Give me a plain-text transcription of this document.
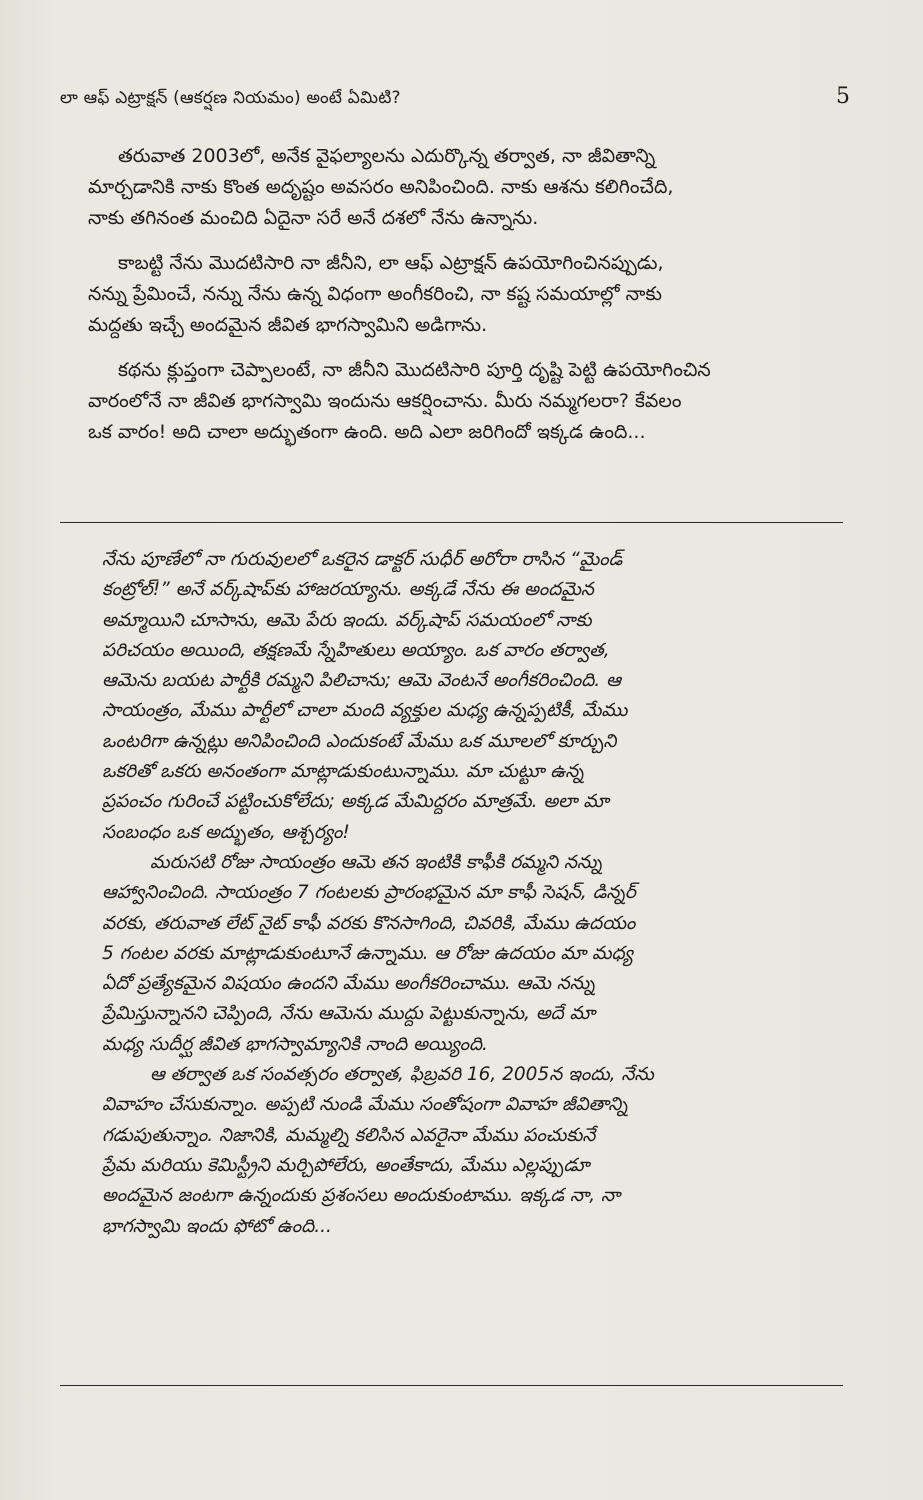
లా ఆఫ్ ఎట్రాక్షన్ (ఆకర్షణ నియమం) అంటే ఏమిటి?	5
తరువాత 2003లో, అనేక వైఫల్యాలను ఎదుర్కొన్న తర్వాత, నా జీవితాన్ని
మార్చడానికి నాకు కొంత అదృష్టం అవసరం అనిపించింది. నాకు ఆశను కలిగించేది,
నాకు తగినంత మంచిది ఏదైనా సరే అనే దశలో నేను ఉన్నాను.
కాబట్టి నేను మొదటిసారి నా జీనీని, లా ఆఫ్ ఎట్రాక్షన్ ఉపయోగించినప్పుడు,
నన్ను ప్రేమించే, నన్ను నేను ఉన్న విధంగా అంగీకరించి, నా కష్ట సమయాల్లో నాకు
మద్దతు ఇచ్చే అందమైన జీవిత భాగస్వామిని అడిగాను.
కథను క్లుప్తంగా చెప్పాలంటే, నా జీనీని మొదటిసారి పూర్తి దృష్టి పెట్టి ఉపయోగించిన
వారంలోనే నా జీవిత భాగస్వామి ఇందును ఆకర్షించాను. మీరు నమ్మగలరా? కేవలం
ఒక వారం! అది చాలా అద్భుతంగా ఉంది. అది ఎలా జరిగిందో ఇక్కడ ఉంది...
నేను పూణేలో నా గురువులలో ఒకరైన డాక్టర్ సుధీర్ అరోరా రాసిన “మైండ్
కంట్రోల్!” అనే వర్క్‌షాప్‌కు హాజరయ్యాను. అక్కడే నేను ఈ అందమైన
అమ్మాయిని చూసాను, ఆమె పేరు ఇందు. వర్క్‌షాప్ సమయంలో నాకు
పరిచయం అయింది, తక్షణమే స్నేహితులు అయ్యాం. ఒక వారం తర్వాత,
ఆమెను బయట పార్టీకి రమ్మని పిలిచాను; ఆమె వెంటనే అంగీకరించింది. ఆ
సాయంత్రం, మేము పార్టీలో చాలా మంది వ్యక్తుల మధ్య ఉన్నప్పటికీ, మేము
ఒంటరిగా ఉన్నట్లు అనిపించింది ఎందుకంటే మేము ఒక మూలలో కూర్చుని
ఒకరితో ఒకరు అనంతంగా మాట్లాడుకుంటున్నాము. మా చుట్టూ ఉన్న
ప్రపంచం గురించే పట్టించుకోలేదు; అక్కడ మేమిద్దరం మాత్రమే. అలా మా
సంబంధం ఒక అద్భుతం, ఆశ్చర్యం!
మరుసటి రోజు సాయంత్రం ఆమె తన ఇంటికి కాఫీకి రమ్మని నన్ను
ఆహ్వానించింది. సాయంత్రం 7 గంటలకు ప్రారంభమైన మా కాఫీ సెషన్, డిన్నర్
వరకు, తరువాత లేట్ నైట్ కాఫీ వరకు కొనసాగింది, చివరికి, మేము ఉదయం
5 గంటల వరకు మాట్లాడుకుంటూనే ఉన్నాము. ఆ రోజు ఉదయం మా మధ్య
ఏదో ప్రత్యేకమైన విషయం ఉందని మేము అంగీకరించాము. ఆమె నన్ను
ప్రేమిస్తున్నానని చెప్పింది, నేను ఆమెను ముద్దు పెట్టుకున్నాను, అదే మా
మధ్య సుదీర్ఘ జీవిత భాగస్వామ్యానికి నాంది అయ్యింది.
ఆ తర్వాత ఒక సంవత్సరం తర్వాత, ఫిబ్రవరి 16, 2005న ఇందు, నేను
వివాహం చేసుకున్నాం. అప్పటి నుండి మేము సంతోషంగా వివాహ జీవితాన్ని
గడుపుతున్నాం. నిజానికి, మమ్మల్ని కలిసిన ఎవరైనా మేము పంచుకునే
ప్రేమ మరియు కెమిస్ట్రీని మర్చిపోలేరు, అంతేకాదు, మేము ఎల్లప్పుడూ
అందమైన జంటగా ఉన్నందుకు ప్రశంసలు అందుకుంటాము. ఇక్కడ నా, నా
భాగస్వామి ఇందు ఫోటో ఉంది...
